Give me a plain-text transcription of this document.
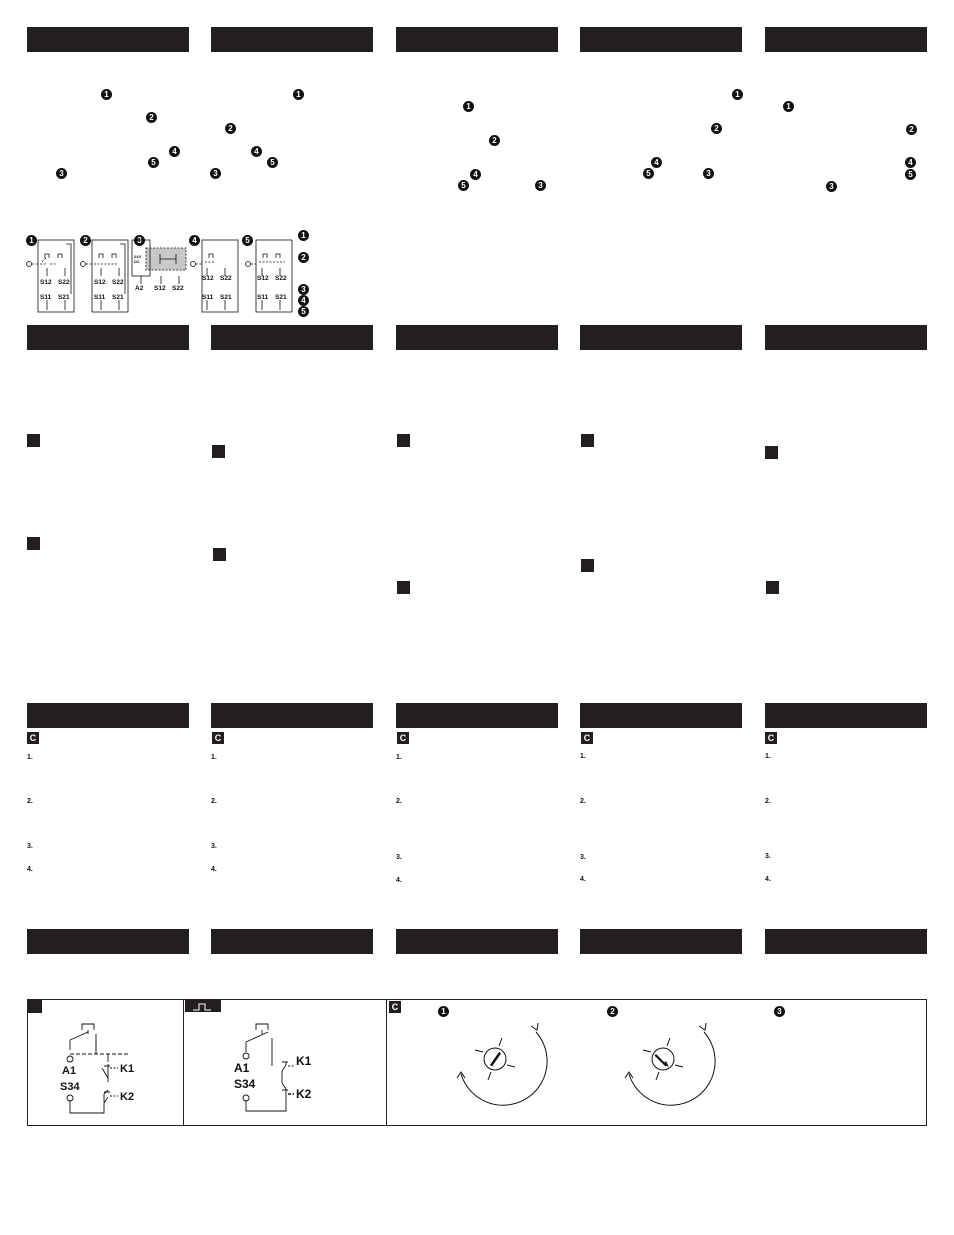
1
2
4
5
3
1
2
4
5
3
1
2
4
5	3
1
2
4
5	3
1
2
4
5
3
1	2	3	4	5
1
2
3
4
5
S12 S22
S11 S21
S12 S22
S11 S21
A2 S12 S22
S12 S22
S11 S21
S12 S22
S11 S21
24V
DC
C
1.
2.
3.
4.
C
1.
2.
3.
4.
C
1.
2.
3.
4.
C
1.
2.
3.
4.
C
1.
2.
3.
4.
C
A1
S34
K1
K2
A1
S34
K1
K2
1	2	3
